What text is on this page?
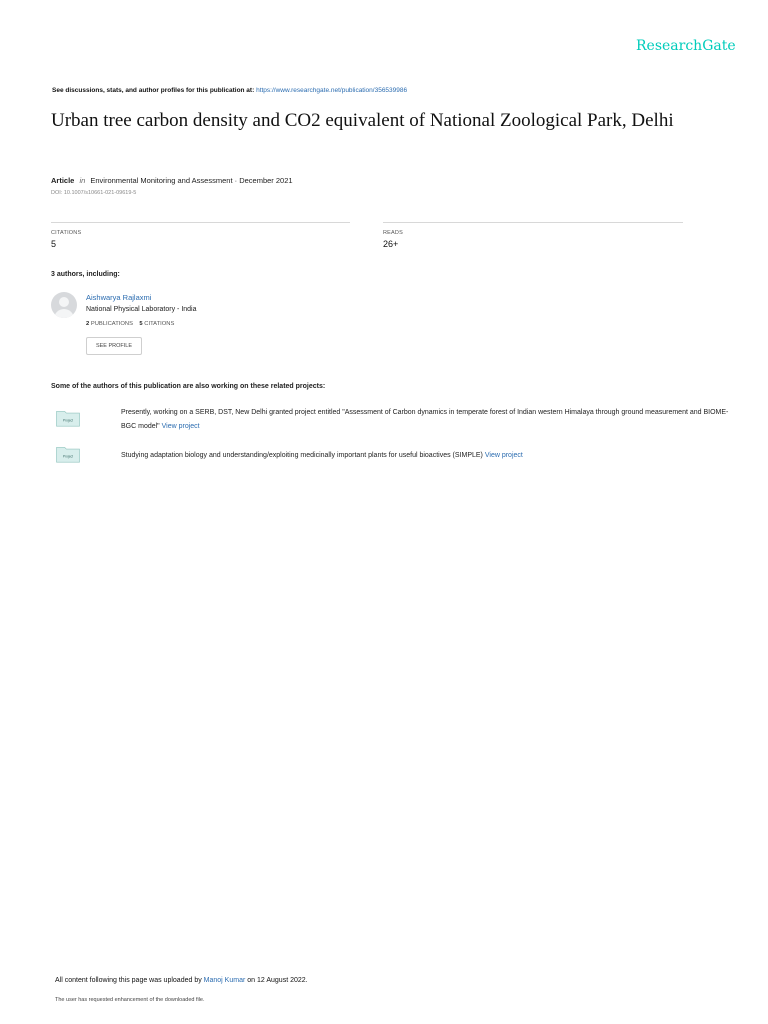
ResearchGate
See discussions, stats, and author profiles for this publication at: https://www.researchgate.net/publication/356539986
Urban tree carbon density and CO2 equivalent of National Zoological Park, Delhi
Article in Environmental Monitoring and Assessment · December 2021
DOI: 10.1007/s10661-021-09619-5
CITATIONS
5
READS
26+
3 authors, including:
Aishwarya Rajlaxmi
National Physical Laboratory - India
2 PUBLICATIONS 5 CITATIONS
SEE PROFILE
Some of the authors of this publication are also working on these related projects:
Project
Presently, working on a SERB, DST, New Delhi granted project entitled "Assessment of Carbon dynamics in temperate forest of Indian western Himalaya through ground measurement and BIOME-BGC model" View project
Project	Studying adaptation biology and understanding/exploiting medicinally important plants for useful bioactives (SIMPLE) View project
All content following this page was uploaded by Manoj Kumar on 12 August 2022.
The user has requested enhancement of the downloaded file.
